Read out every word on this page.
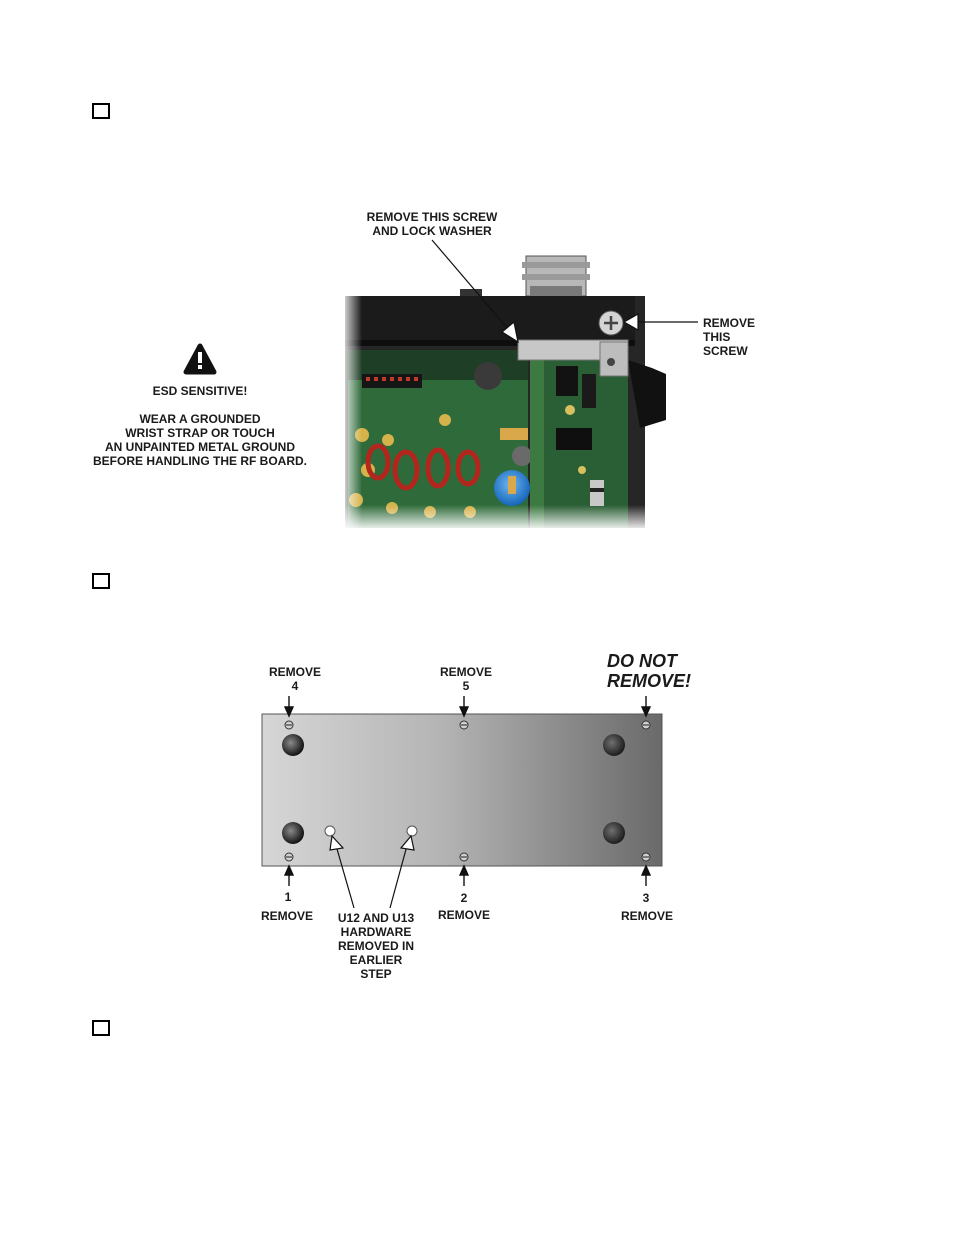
REMOVE THIS SCREW
AND LOCK WASHER
REMOVE
THIS
SCREW
ESD SENSITIVE!
WEAR A GROUNDED
WRIST STRAP OR TOUCH
AN UNPAINTED METAL GROUND
BEFORE HANDLING THE RF BOARD.
REMOVE
4
REMOVE
5
DO NOT
REMOVE!
1
REMOVE
2
REMOVE
3
REMOVE
U12 AND U13
HARDWARE
REMOVED IN
EARLIER
STEP
